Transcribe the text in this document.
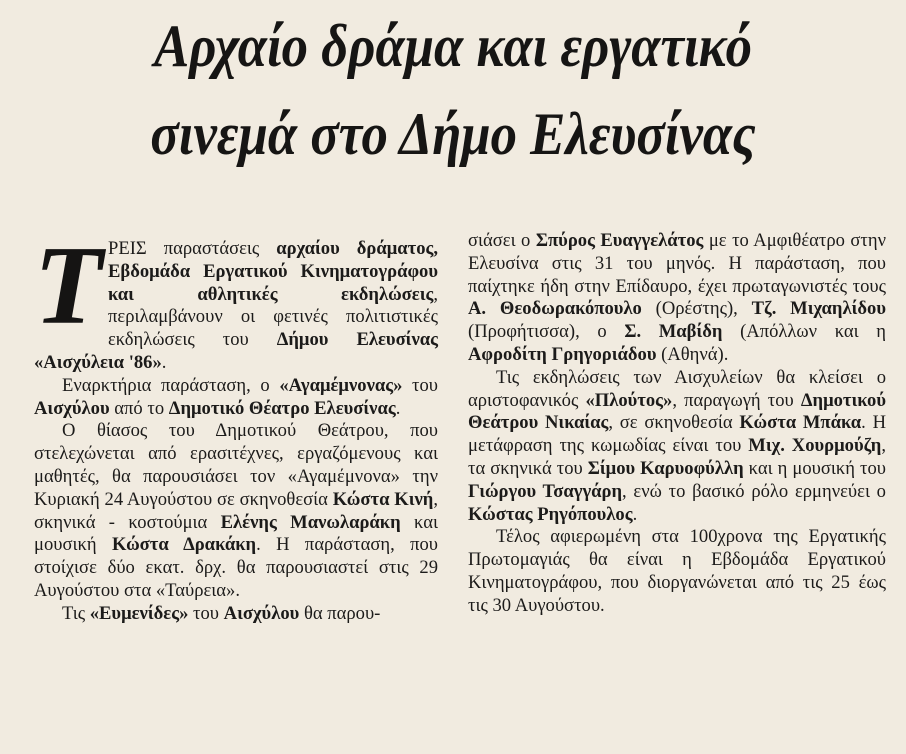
Αρχαίο δράμα και εργατικό
σινεμά στο Δήμο Ελευσίνας
Τ ΡΕΙΣ παραστάσεις αρχαίου δράματος, Εβδομάδα Εργατικού Κινηματογράφου και αθλητικές εκδηλώσεις, περιλαμβάνουν οι φετινές πολιτιστικές εκδηλώσεις του Δήμου Ελευσίνας «Αισχύλεια '86».

Εναρκτήρια παράσταση, ο «Αγαμέμνονας» του Αισχύλου από το Δημοτικό Θέατρο Ελευσίνας.

Ο θίασος του Δημοτικού Θεάτρου, που στελεχώνεται από ερασιτέχνες, εργαζόμενους και μαθητές, θα παρουσιάσει τον «Αγαμέμνονα» την Κυριακή 24 Αυγούστου σε σκηνοθεσία Κώστα Κινή, σκηνικά - κοστούμια Ελένης Μανωλαράκη και μουσική Κώστα Δρακάκη. Η παράσταση, που στοίχισε δύο εκατ. δρχ. θα παρουσιαστεί στις 29 Αυγούστου στα «Ταύρεια».

Τις «Ευμενίδες» του Αισχύλου θα παρου-

σιάσει ο Σπύρος Ευαγγελάτος με το Αμφιθέατρο στην Ελευσίνα στις 31 του μηνός. Η παράσταση, που παίχτηκε ήδη στην Επίδαυρο, έχει πρωταγωνιστές τους Α. Θεοδωρακόπουλο (Ορέστης), Τζ. Μιχαηλίδου (Προφήτισσα), ο Σ. Μαβίδη (Απόλλων και η Αφροδίτη Γρηγοριάδου (Αθηνά).

Τις εκδηλώσεις των Αισχυλείων θα κλείσει ο αριστοφανικός «Πλούτος», παραγωγή του Δημοτικού Θεάτρου Νικαίας, σε σκηνοθεσία Κώστα Μπάκα. Η μετάφραση της κωμωδίας είναι του Μιχ. Χουρμούζη, τα σκηνικά του Σίμου Καρυοφύλλη και η μουσική του Γιώργου Τσαγγάρη, ενώ το βασικό ρόλο ερμηνεύει ο Κώστας Ρηγόπουλος.

Τέλος αφιερωμένη στα 100χρονα της Εργατικής Πρωτομαγιάς θα είναι η Εβδομάδα Εργατικού Κινηματογράφου, που διοργανώνεται από τις 25 έως τις 30 Αυγούστου.
